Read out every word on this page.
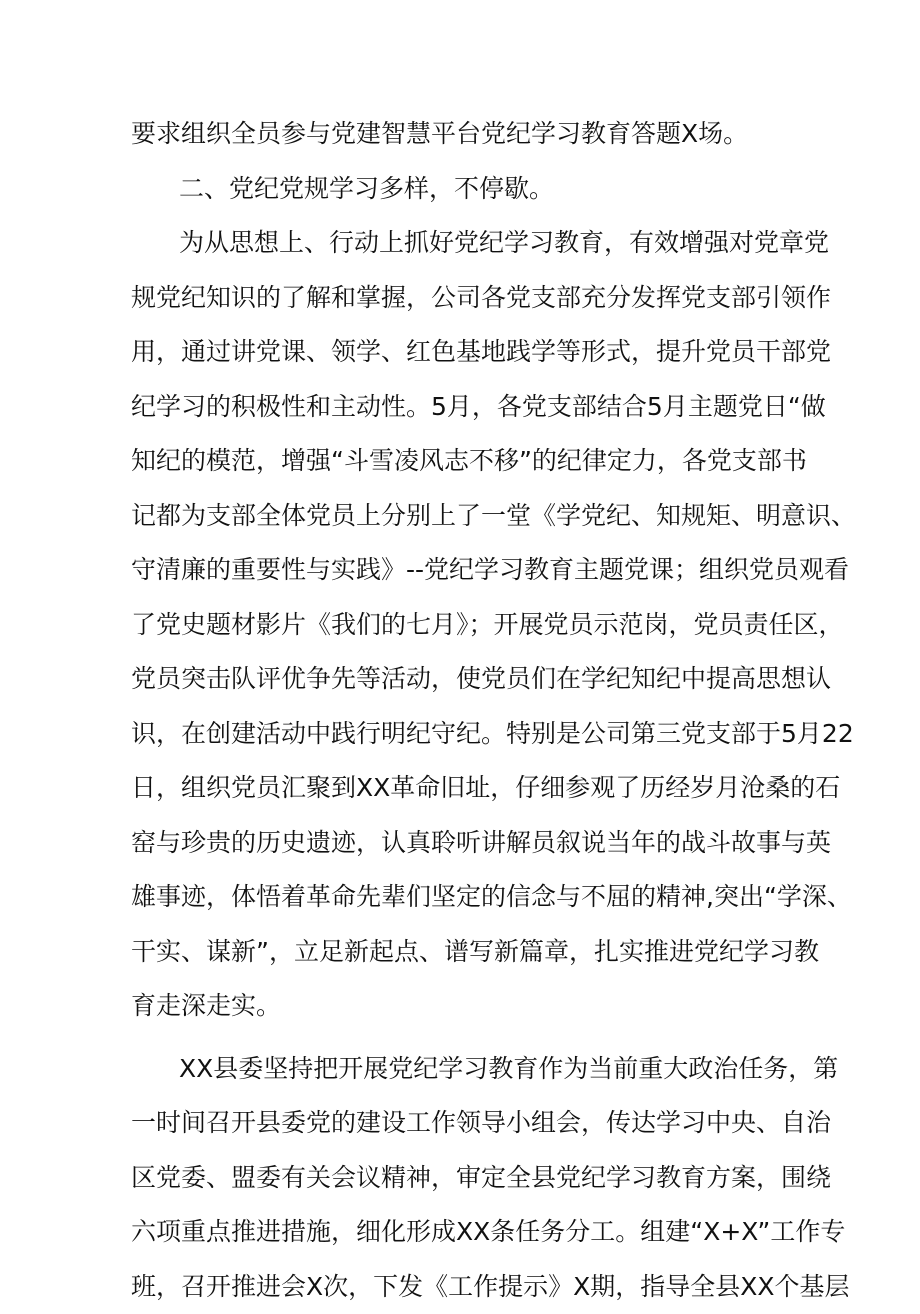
要求组织全员参与党建智慧平台党纪学习教育答题X场。
二、党纪党规学习多样，不停歇。
为从思想上、行动上抓好党纪学习教育，有效增强对党章党
规党纪知识的了解和掌握，公司各党支部充分发挥党支部引领作
用，通过讲党课、领学、红色基地践学等形式，提升党员干部党
纪学习的积极性和主动性。5月，各党支部结合5月主题党日“做
知纪的模范，增强“斗雪凌风志不移”的纪律定力，各党支部书
记都为支部全体党员上分别上了一堂《学党纪、知规矩、明意识、
守清廉的重要性与实践》--党纪学习教育主题党课；组织党员观看
了党史题材影片《我们的七月》；开展党员示范岗，党员责任区，
党员突击队评优争先等活动，使党员们在学纪知纪中提高思想认
识，在创建活动中践行明纪守纪。特别是公司第三党支部于5月22
日，组织党员汇聚到XX革命旧址，仔细参观了历经岁月沧桑的石
窑与珍贵的历史遗迹，认真聆听讲解员叙说当年的战斗故事与英
雄事迹，体悟着革命先辈们坚定的信念与不屈的精神,突出“学深、
干实、谋新”，立足新起点、谱写新篇章，扎实推进党纪学习教
育走深走实。
XX县委坚持把开展党纪学习教育作为当前重大政治任务，第
一时间召开县委党的建设工作领导小组会，传达学习中央、自治
区党委、盟委有关会议精神，审定全县党纪学习教育方案，围绕
六项重点推进措施，细化形成XX条任务分工。组建“X+X”工作专
班，召开推进会X次，下发《工作提示》X期，指导全县XX个基层
